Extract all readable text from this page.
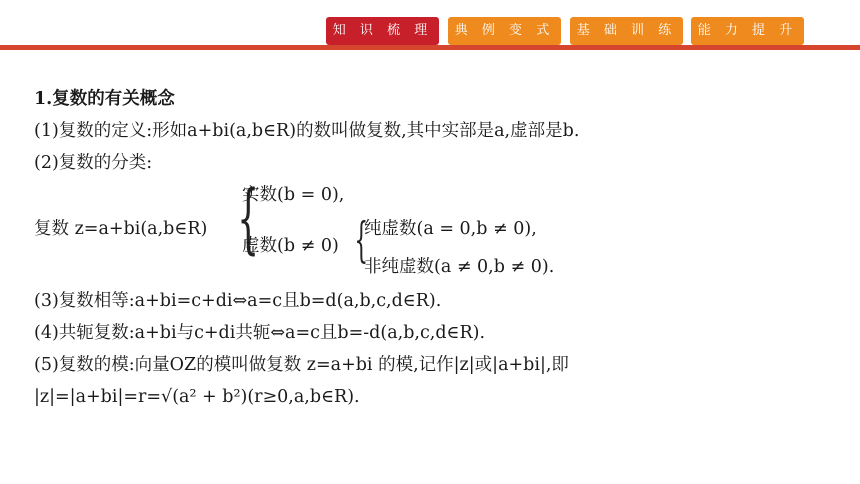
知 识 梳 理	典 例 变 式	基 础 训 练	能 力 提 升
1.复数的有关概念
(1)复数的定义:形如a+bi(a,b∈R)的数叫做复数,其中实部是a,虚部是b.
(2)复数的分类:
复数 z=a+bi(a,b∈R) {
实数(b = 0),
虚数(b ≠ 0) {
纯虚数(a = 0,b ≠ 0),
非纯虚数(a ≠ 0,b ≠ 0).
(3)复数相等:a+bi=c+di⇔a=c且b=d(a,b,c,d∈R).
(4)共轭复数:a+bi与c+di共轭⇔a=c且b=-d(a,b,c,d∈R).
(5)复数的模:向量OZ的模叫做复数 z=a+bi 的模,记作|z|或|a+bi|,即
|z|=|a+bi|=r=√(a² + b²)(r≥0,a,b∈R).
